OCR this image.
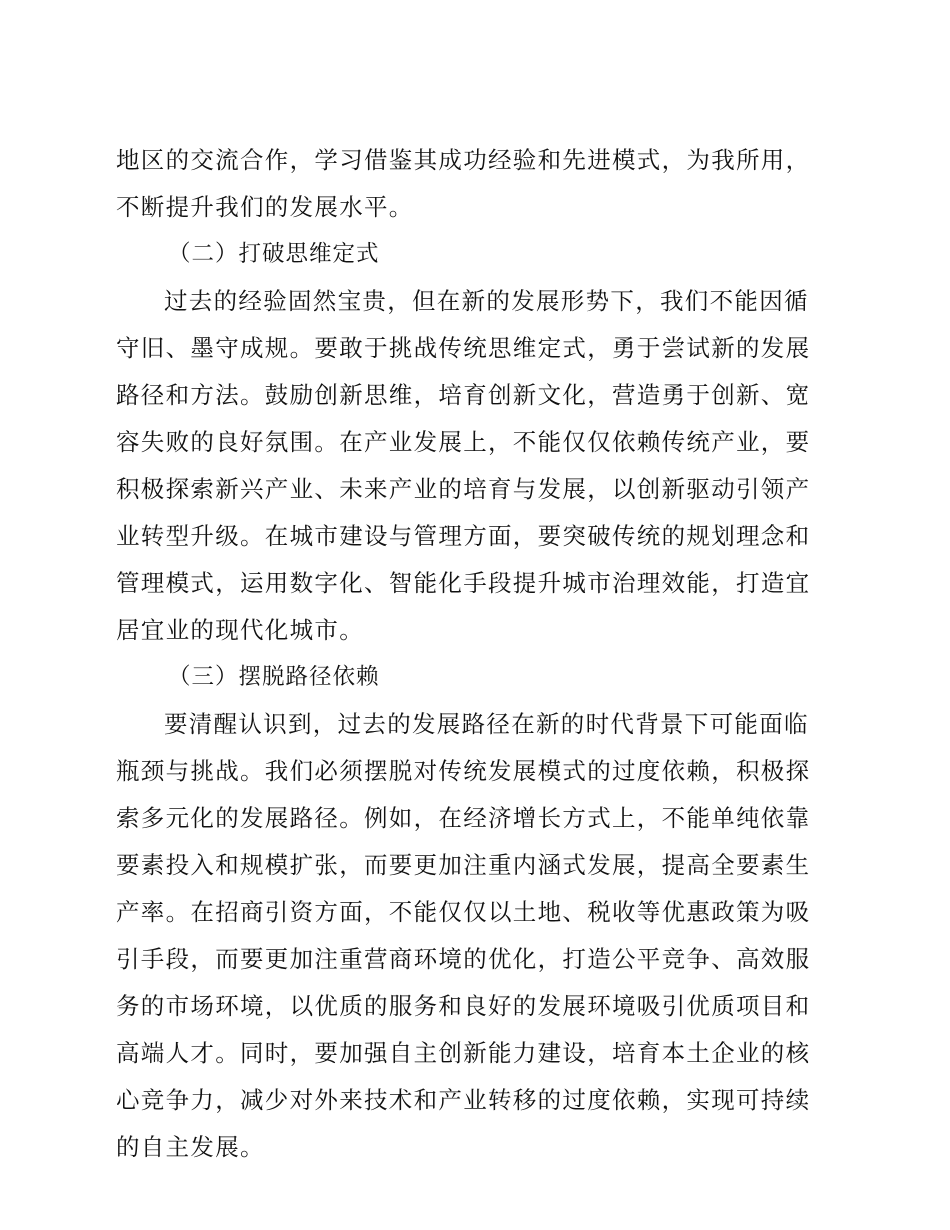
地区的交流合作，学习借鉴其成功经验和先进模式，为我所用，
不断提升我们的发展水平。
（二）打破思维定式
过去的经验固然宝贵，但在新的发展形势下，我们不能因循
守旧、墨守成规。要敢于挑战传统思维定式，勇于尝试新的发展
路径和方法。鼓励创新思维，培育创新文化，营造勇于创新、宽
容失败的良好氛围。在产业发展上，不能仅仅依赖传统产业，要
积极探索新兴产业、未来产业的培育与发展，以创新驱动引领产
业转型升级。在城市建设与管理方面，要突破传统的规划理念和
管理模式，运用数字化、智能化手段提升城市治理效能，打造宜
居宜业的现代化城市。
（三）摆脱路径依赖
要清醒认识到，过去的发展路径在新的时代背景下可能面临
瓶颈与挑战。我们必须摆脱对传统发展模式的过度依赖，积极探
索多元化的发展路径。例如，在经济增长方式上，不能单纯依靠
要素投入和规模扩张，而要更加注重内涵式发展，提高全要素生
产率。在招商引资方面，不能仅仅以土地、税收等优惠政策为吸
引手段，而要更加注重营商环境的优化，打造公平竞争、高效服
务的市场环境，以优质的服务和良好的发展环境吸引优质项目和
高端人才。同时，要加强自主创新能力建设，培育本土企业的核
心竞争力，减少对外来技术和产业转移的过度依赖，实现可持续
的自主发展。
